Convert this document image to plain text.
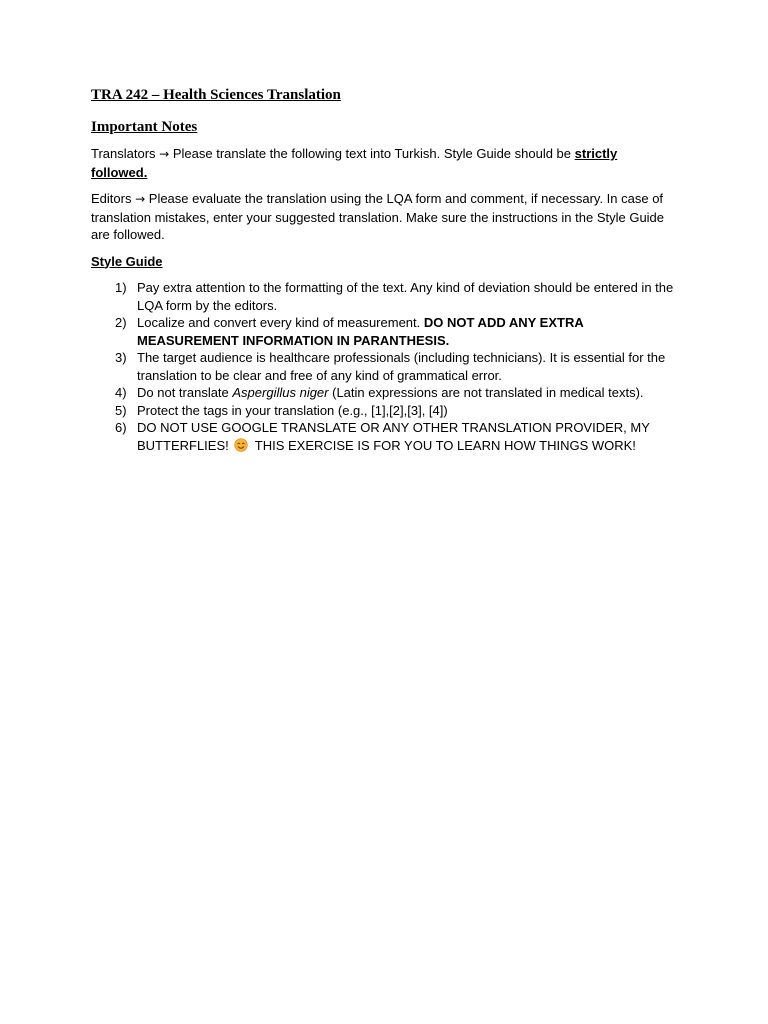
TRA 242 – Health Sciences Translation
Important Notes

Translators → Please translate the following text into Turkish. Style Guide should be strictly followed.

Editors → Please evaluate the translation using the LQA form and comment, if necessary. In case of translation mistakes, enter your suggested translation. Make sure the instructions in the Style Guide are followed.

Style Guide
1) Pay extra attention to the formatting of the text. Any kind of deviation should be entered in the LQA form by the editors.
2) Localize and convert every kind of measurement. DO NOT ADD ANY EXTRA MEASUREMENT INFORMATION IN PARANTHESIS.
3) The target audience is healthcare professionals (including technicians). It is essential for the translation to be clear and free of any kind of grammatical error.
4) Do not translate Aspergillus niger (Latin expressions are not translated in medical texts).
5) Protect the tags in your translation (e.g., [1],[2],[3], [4])
6) DO NOT USE GOOGLE TRANSLATE OR ANY OTHER TRANSLATION PROVIDER, MY BUTTERFLIES! THIS EXERCISE IS FOR YOU TO LEARN HOW THINGS WORK!
